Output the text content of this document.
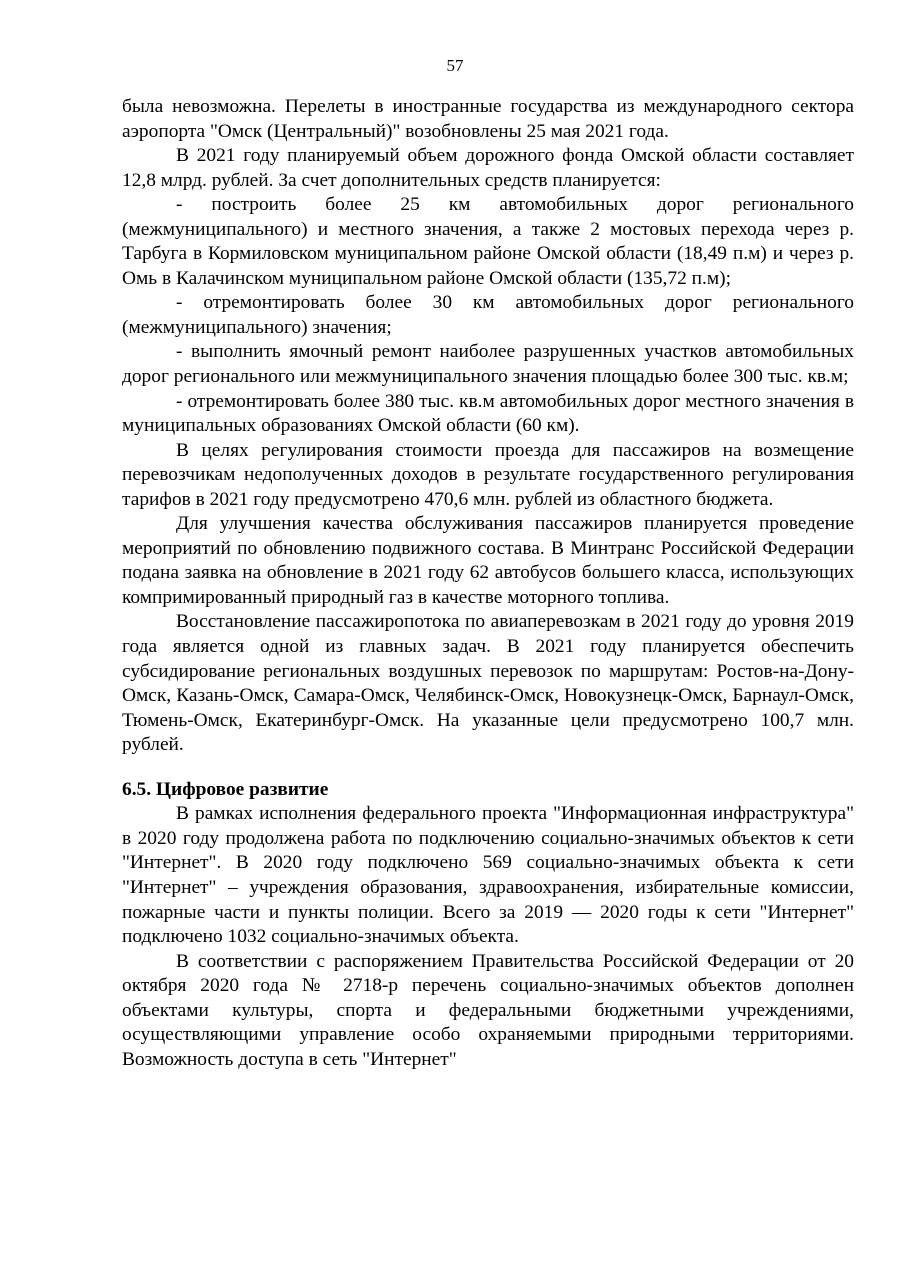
57

была невозможна. Перелеты в иностранные государства из международного сектора аэропорта "Омск (Центральный)" возобновлены 25 мая 2021 года.

В 2021 году планируемый объем дорожного фонда Омской области составляет 12,8 млрд. рублей. За счет дополнительных средств планируется:

- построить более 25 км автомобильных дорог регионального (межмуниципального) и местного значения, а также 2 мостовых перехода через р. Тарбуга в Кормиловском муниципальном районе Омской области (18,49 п.м) и через р. Омь в Калачинском муниципальном районе Омской области (135,72 п.м);

- отремонтировать более 30 км автомобильных дорог регионального (межмуниципального) значения;

- выполнить ямочный ремонт наиболее разрушенных участков автомобильных дорог регионального или межмуниципального значения площадью более 300 тыс. кв.м;

- отремонтировать более 380 тыс. кв.м автомобильных дорог местного значения в муниципальных образованиях Омской области (60 км).

В целях регулирования стоимости проезда для пассажиров на возмещение перевозчикам недополученных доходов в результате государственного регулирования тарифов в 2021 году предусмотрено 470,6 млн. рублей из областного бюджета.

Для улучшения качества обслуживания пассажиров планируется проведение мероприятий по обновлению подвижного состава. В Минтранс Российской Федерации подана заявка на обновление в 2021 году 62 автобусов большего класса, использующих компримированный природный газ в качестве моторного топлива.

Восстановление пассажиропотока по авиаперевозкам в 2021 году до уровня 2019 года является одной из главных задач. В 2021 году планируется обеспечить субсидирование региональных воздушных перевозок по маршрутам: Ростов-на-Дону-Омск, Казань-Омск, Самара-Омск, Челябинск-Омск, Новокузнецк-Омск, Барнаул-Омск, Тюмень-Омск, Екатеринбург-Омск. На указанные цели предусмотрено 100,7 млн. рублей.

6.5. Цифровое развитие

В рамках исполнения федерального проекта "Информационная инфраструктура" в 2020 году продолжена работа по подключению социально-значимых объектов к сети "Интернет". В 2020 году подключено 569 социально-значимых объекта к сети "Интернет" – учреждения образования, здравоохранения, избирательные комиссии, пожарные части и пункты полиции. Всего за 2019 — 2020 годы к сети "Интернет" подключено 1032 социально-значимых объекта.

В соответствии с распоряжением Правительства Российской Федерации от 20 октября 2020 года № 2718-р перечень социально-значимых объектов дополнен объектами культуры, спорта и федеральными бюджетными учреждениями, осуществляющими управление особо охраняемыми природными территориями. Возможность доступа в сеть "Интернет"
